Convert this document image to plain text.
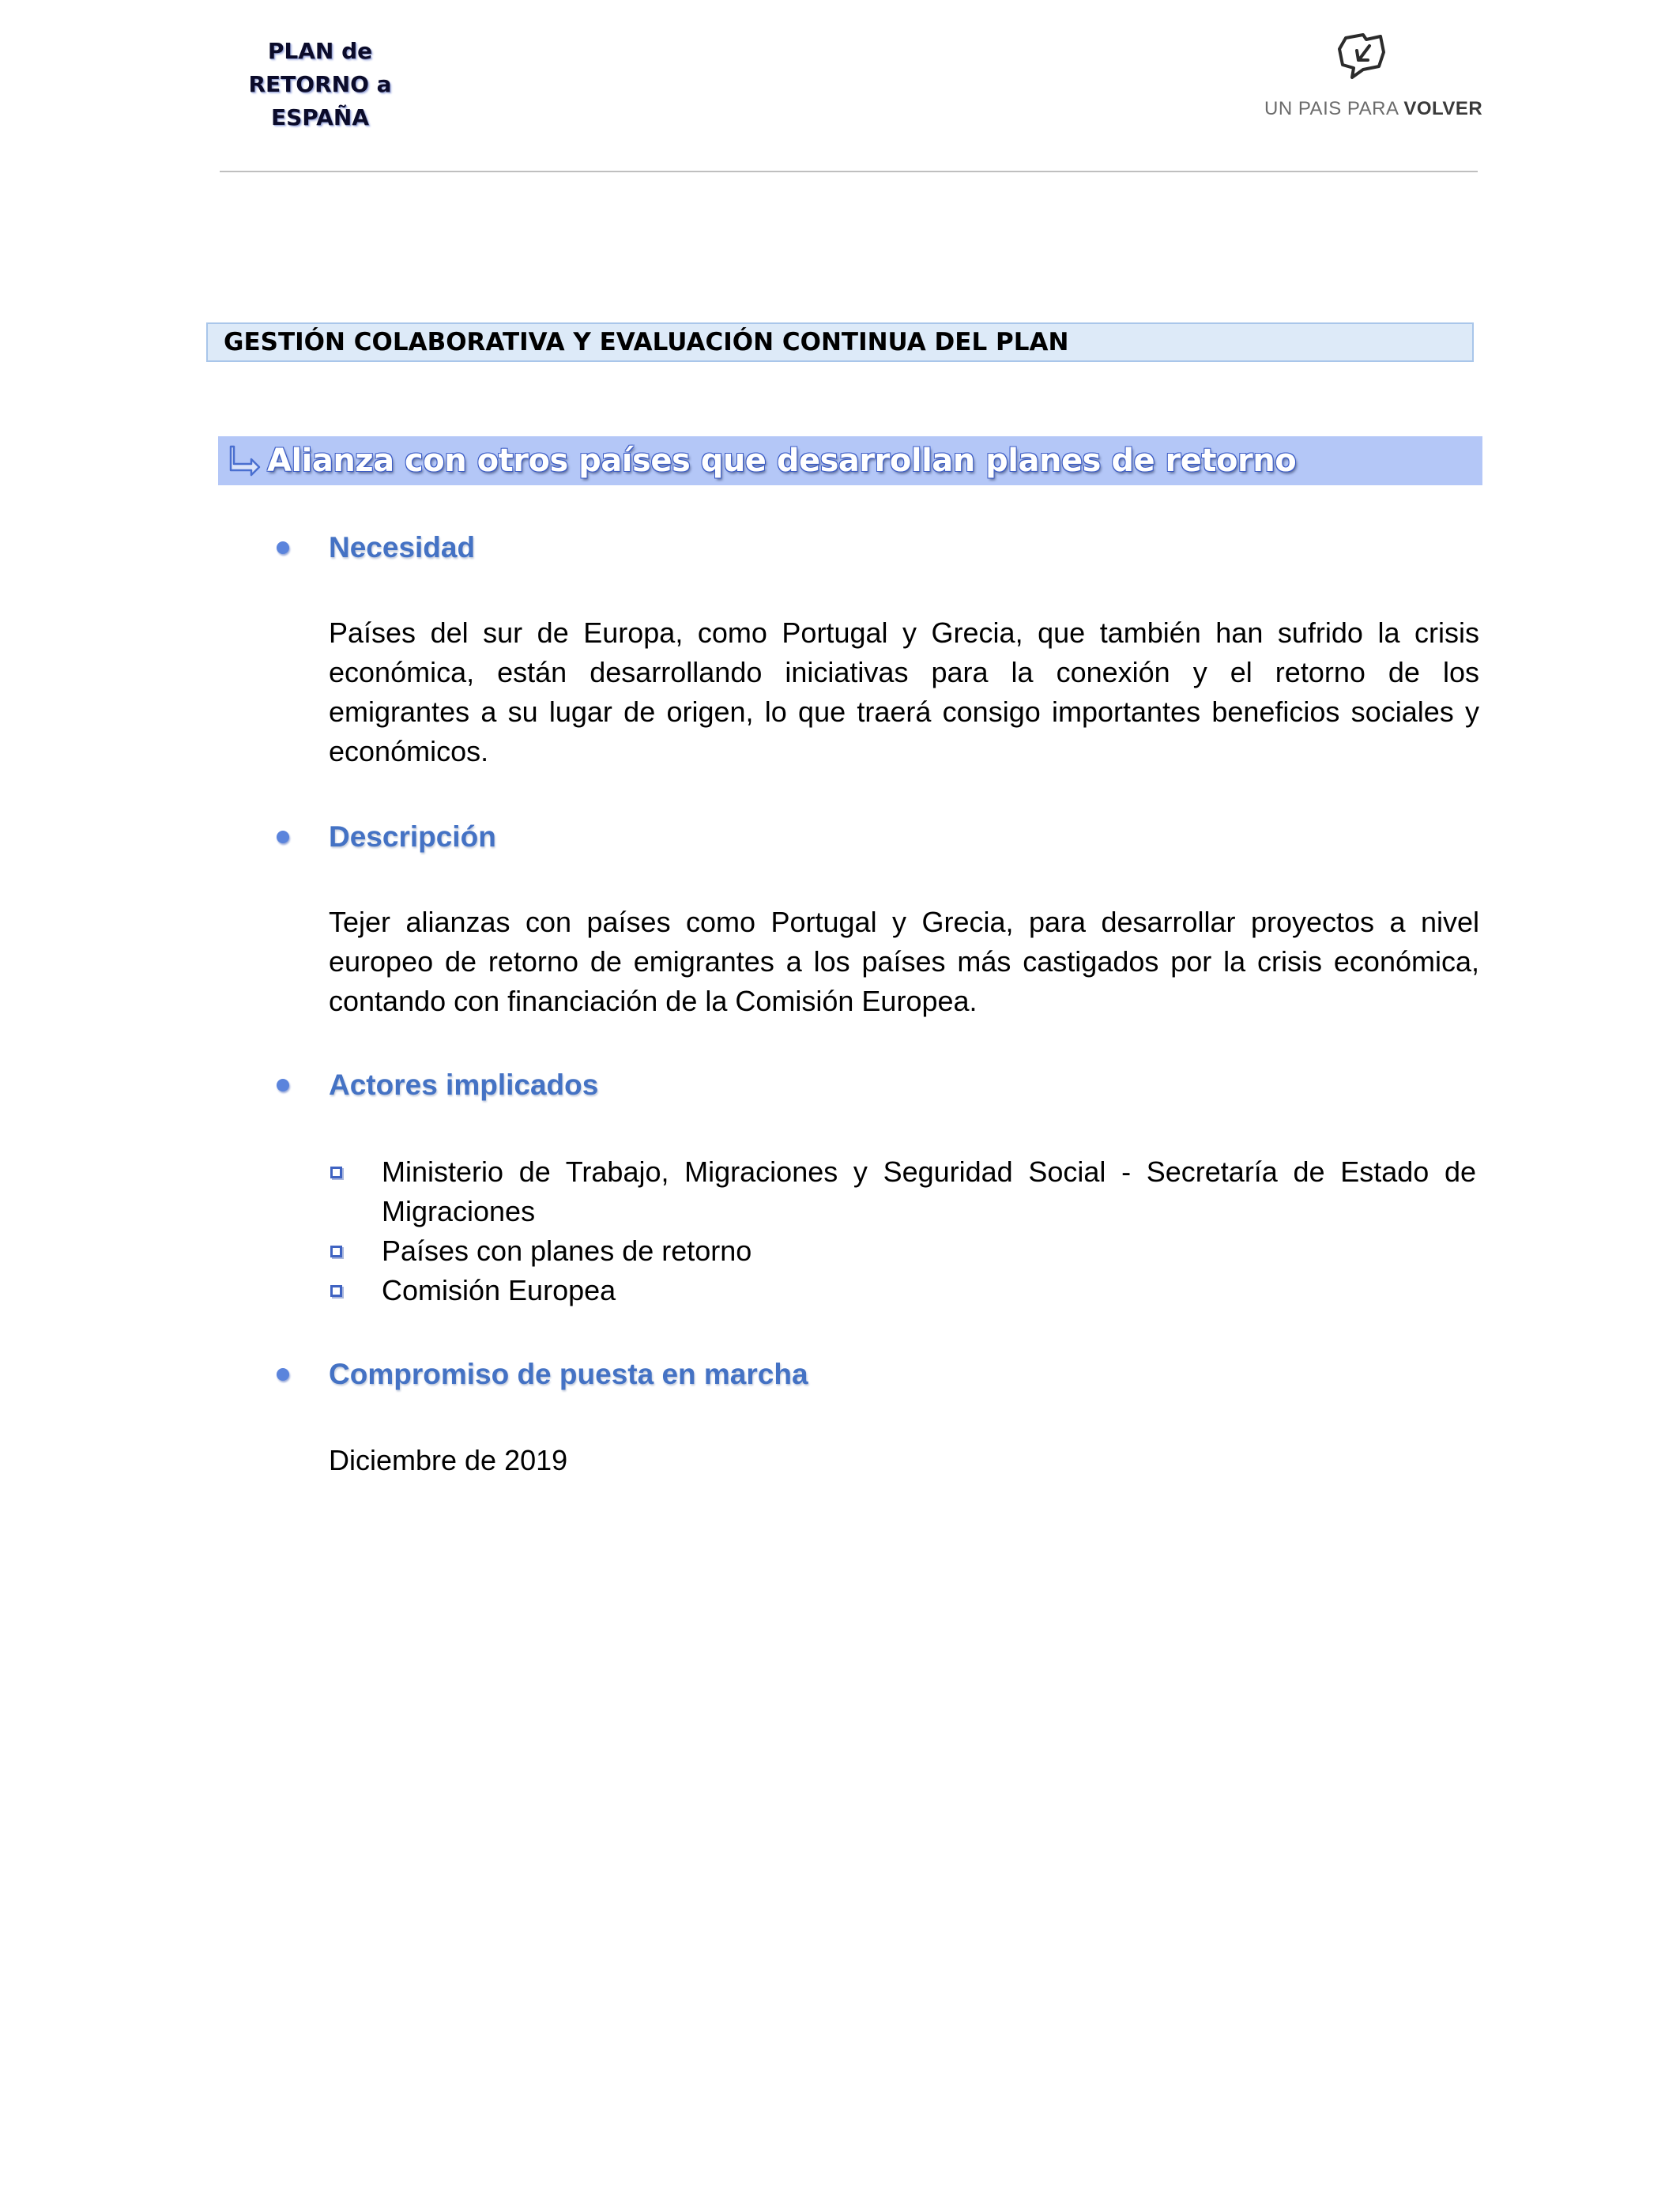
PLAN de
RETORNO a
ESPAÑA	UN PAIS PARA VOLVER
GESTIÓN COLABORATIVA Y EVALUACIÓN CONTINUA DEL PLAN
Alianza con otros países que desarrollan planes de retorno
Necesidad
Países del sur de Europa, como Portugal y Grecia, que también han sufrido la crisis
económica, están desarrollando iniciativas para la conexión y el retorno de los
emigrantes a su lugar de origen, lo que traerá consigo importantes beneficios sociales y
económicos.
Descripción
Tejer alianzas con países como Portugal y Grecia, para desarrollar proyectos a nivel
europeo de retorno de emigrantes a los países más castigados por la crisis económica,
contando con financiación de la Comisión Europea.
Actores implicados
Ministerio de Trabajo, Migraciones y Seguridad Social - Secretaría de Estado de Migraciones
Países con planes de retorno
Comisión Europea
Compromiso de puesta en marcha
Diciembre de 2019
